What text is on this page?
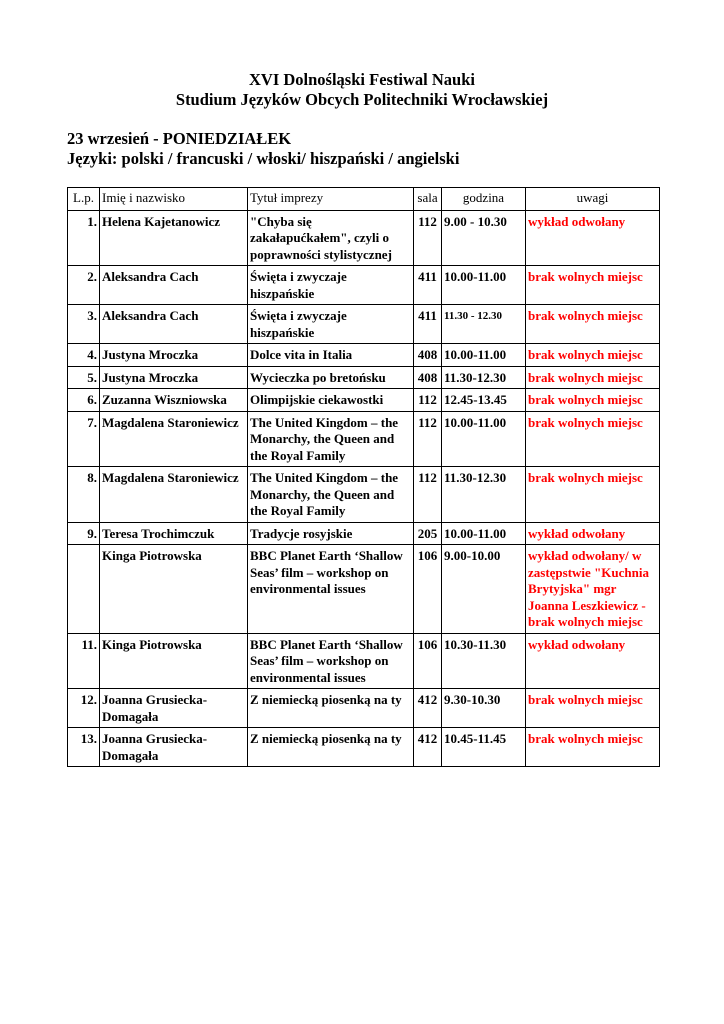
XVI Dolnośląski Festiwal Nauki
Studium Języków Obcych Politechniki Wrocławskiej
23 wrzesień - PONIEDZIAŁEK
Języki: polski / francuski / włoski/ hiszpański / angielski
L.p.	Imię i nazwisko	Tytuł imprezy	sala	godzina	uwagi
1.	Helena Kajetanowicz	"Chyba się zakałapućkałem", czyli o poprawności stylistycznej	112	9.00 - 10.30	wykład odwołany
2.	Aleksandra Cach	Święta i zwyczaje hiszpańskie	411	10.00-11.00	brak wolnych miejsc
3.	Aleksandra Cach	Święta i zwyczaje hiszpańskie	411	11.30 - 12.30	brak wolnych miejsc
4.	Justyna Mroczka	Dolce vita in Italia	408	10.00-11.00	brak wolnych miejsc
5.	Justyna Mroczka	Wycieczka po bretońsku	408	11.30-12.30	brak wolnych miejsc
6.	Zuzanna Wiszniowska	Olimpijskie ciekawostki	112	12.45-13.45	brak wolnych miejsc
7.	Magdalena Staroniewicz	The United Kingdom – the Monarchy, the Queen and the Royal Family	112	10.00-11.00	brak wolnych miejsc
8.	Magdalena Staroniewicz	The United Kingdom – the Monarchy, the Queen and the Royal Family	112	11.30-12.30	brak wolnych miejsc
9.	Teresa Trochimczuk	Tradycje rosyjskie	205	10.00-11.00	wykład odwołany
	Kinga Piotrowska	BBC Planet Earth ‘Shallow Seas’ film – workshop on environmental issues	106	9.00-10.00	wykład odwołany/ w zastępstwie "Kuchnia Brytyjska" mgr Joanna Leszkiewicz - brak wolnych miejsc
11.	Kinga Piotrowska	BBC Planet Earth ‘Shallow Seas’ film – workshop on environmental issues	106	10.30-11.30	wykład odwołany
12.	Joanna Grusiecka-Domagała	Z niemiecką piosenką na ty	412	9.30-10.30	brak wolnych miejsc
13.	Joanna Grusiecka-Domagała	Z niemiecką piosenką na ty	412	10.45-11.45	brak wolnych miejsc
